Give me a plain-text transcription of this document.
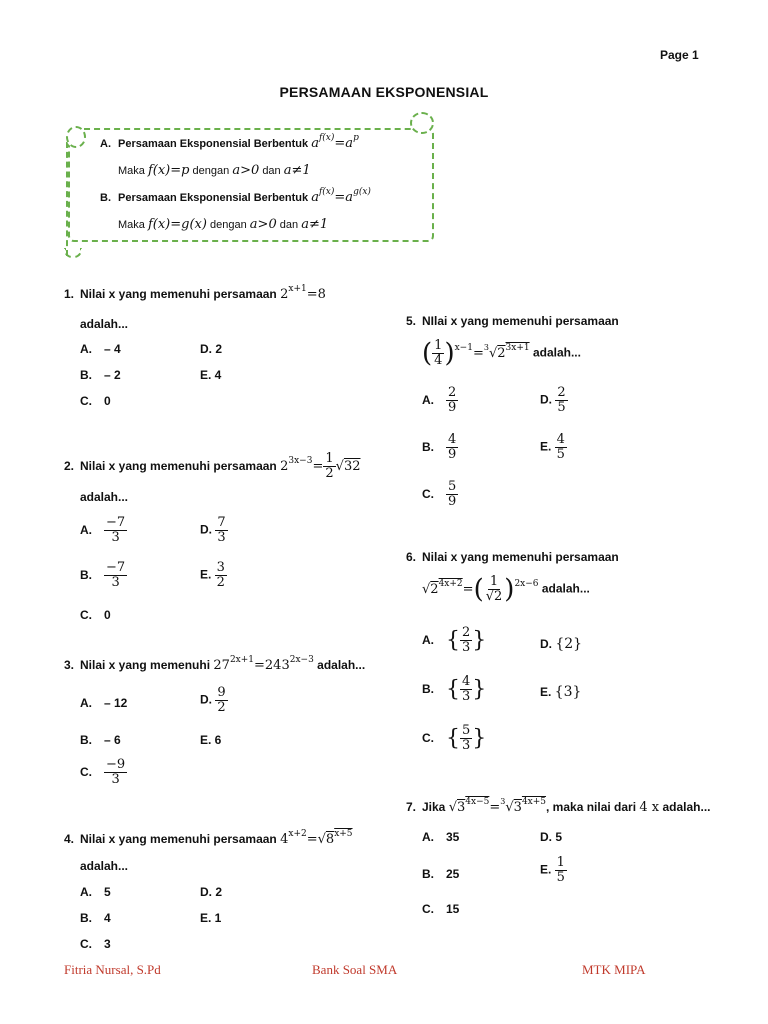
Page 1
PERSAMAAN EKSPONENSIAL
A. Persamaan Eksponensial Berbentuk $a^{f(x)}=a^p$
Maka f(x)=p dengan a>0 dan a≠1
B. Persamaan Eksponensial Berbentuk $a^{f(x)}=a^{g(x)}$
Maka f(x)=g(x) dengan a>0 dan a≠1
1. Nilai x yang memenuhi persamaan $2^{x+1}=8$
adalah...
A. – 4	D. 2
B. – 2	E. 4
C. 0
2. Nilai x yang memenuhi persamaan $2^{3x-3}= \frac{1}{2} √32$
adalah...
A. $\frac{-7}{3}$	D. $\frac{7}{3}$
B. $\frac{-7}{3}$	E. $\frac{3}{2}$
C. 0
3. Nilai x yang memenuhi $27^{2x+1}=243^{2x-3}$ adalah...
A. – 12	D. $\frac{9}{2}$
B. – 6	E. 6
C. $\frac{-9}{3}$
4. Nilai x yang memenuhi persamaan $4^{x+2}=√8^{x+5}$
adalah...
A. 5	D. 2
B. 4	E. 1
C. 3
5. NIlai x yang memenuhi persamaan
( $\frac{1}{4} )^{x-1}=^3√2^{3x+1}$ adalah...
A. $\frac{2}{9}$	D. $\frac{2}{5}$
B. $\frac{4}{9}$	E. $\frac{4}{5}$
C. $\frac{5}{9}$
6. Nilai x yang memenuhi persamaan
$√2^{4x+2}=( \frac{1}{√2} )^{2x-6}$ adalah...
A. { $\frac{2}{3}$ }	D. {2}
B. { $\frac{4}{3}$ }	E. {3}
C. { $\frac{5}{3}$ }
7. Jika $√3^{4x-5}=^3√3^{4x+5}$, maka nilai dari 4 x adalah...
A. 35	D. 5
B. 25	E. $\frac{1}{5}$
C. 15
Fitria Nursal, S.Pd	Bank Soal SMA	MTK MIPA
